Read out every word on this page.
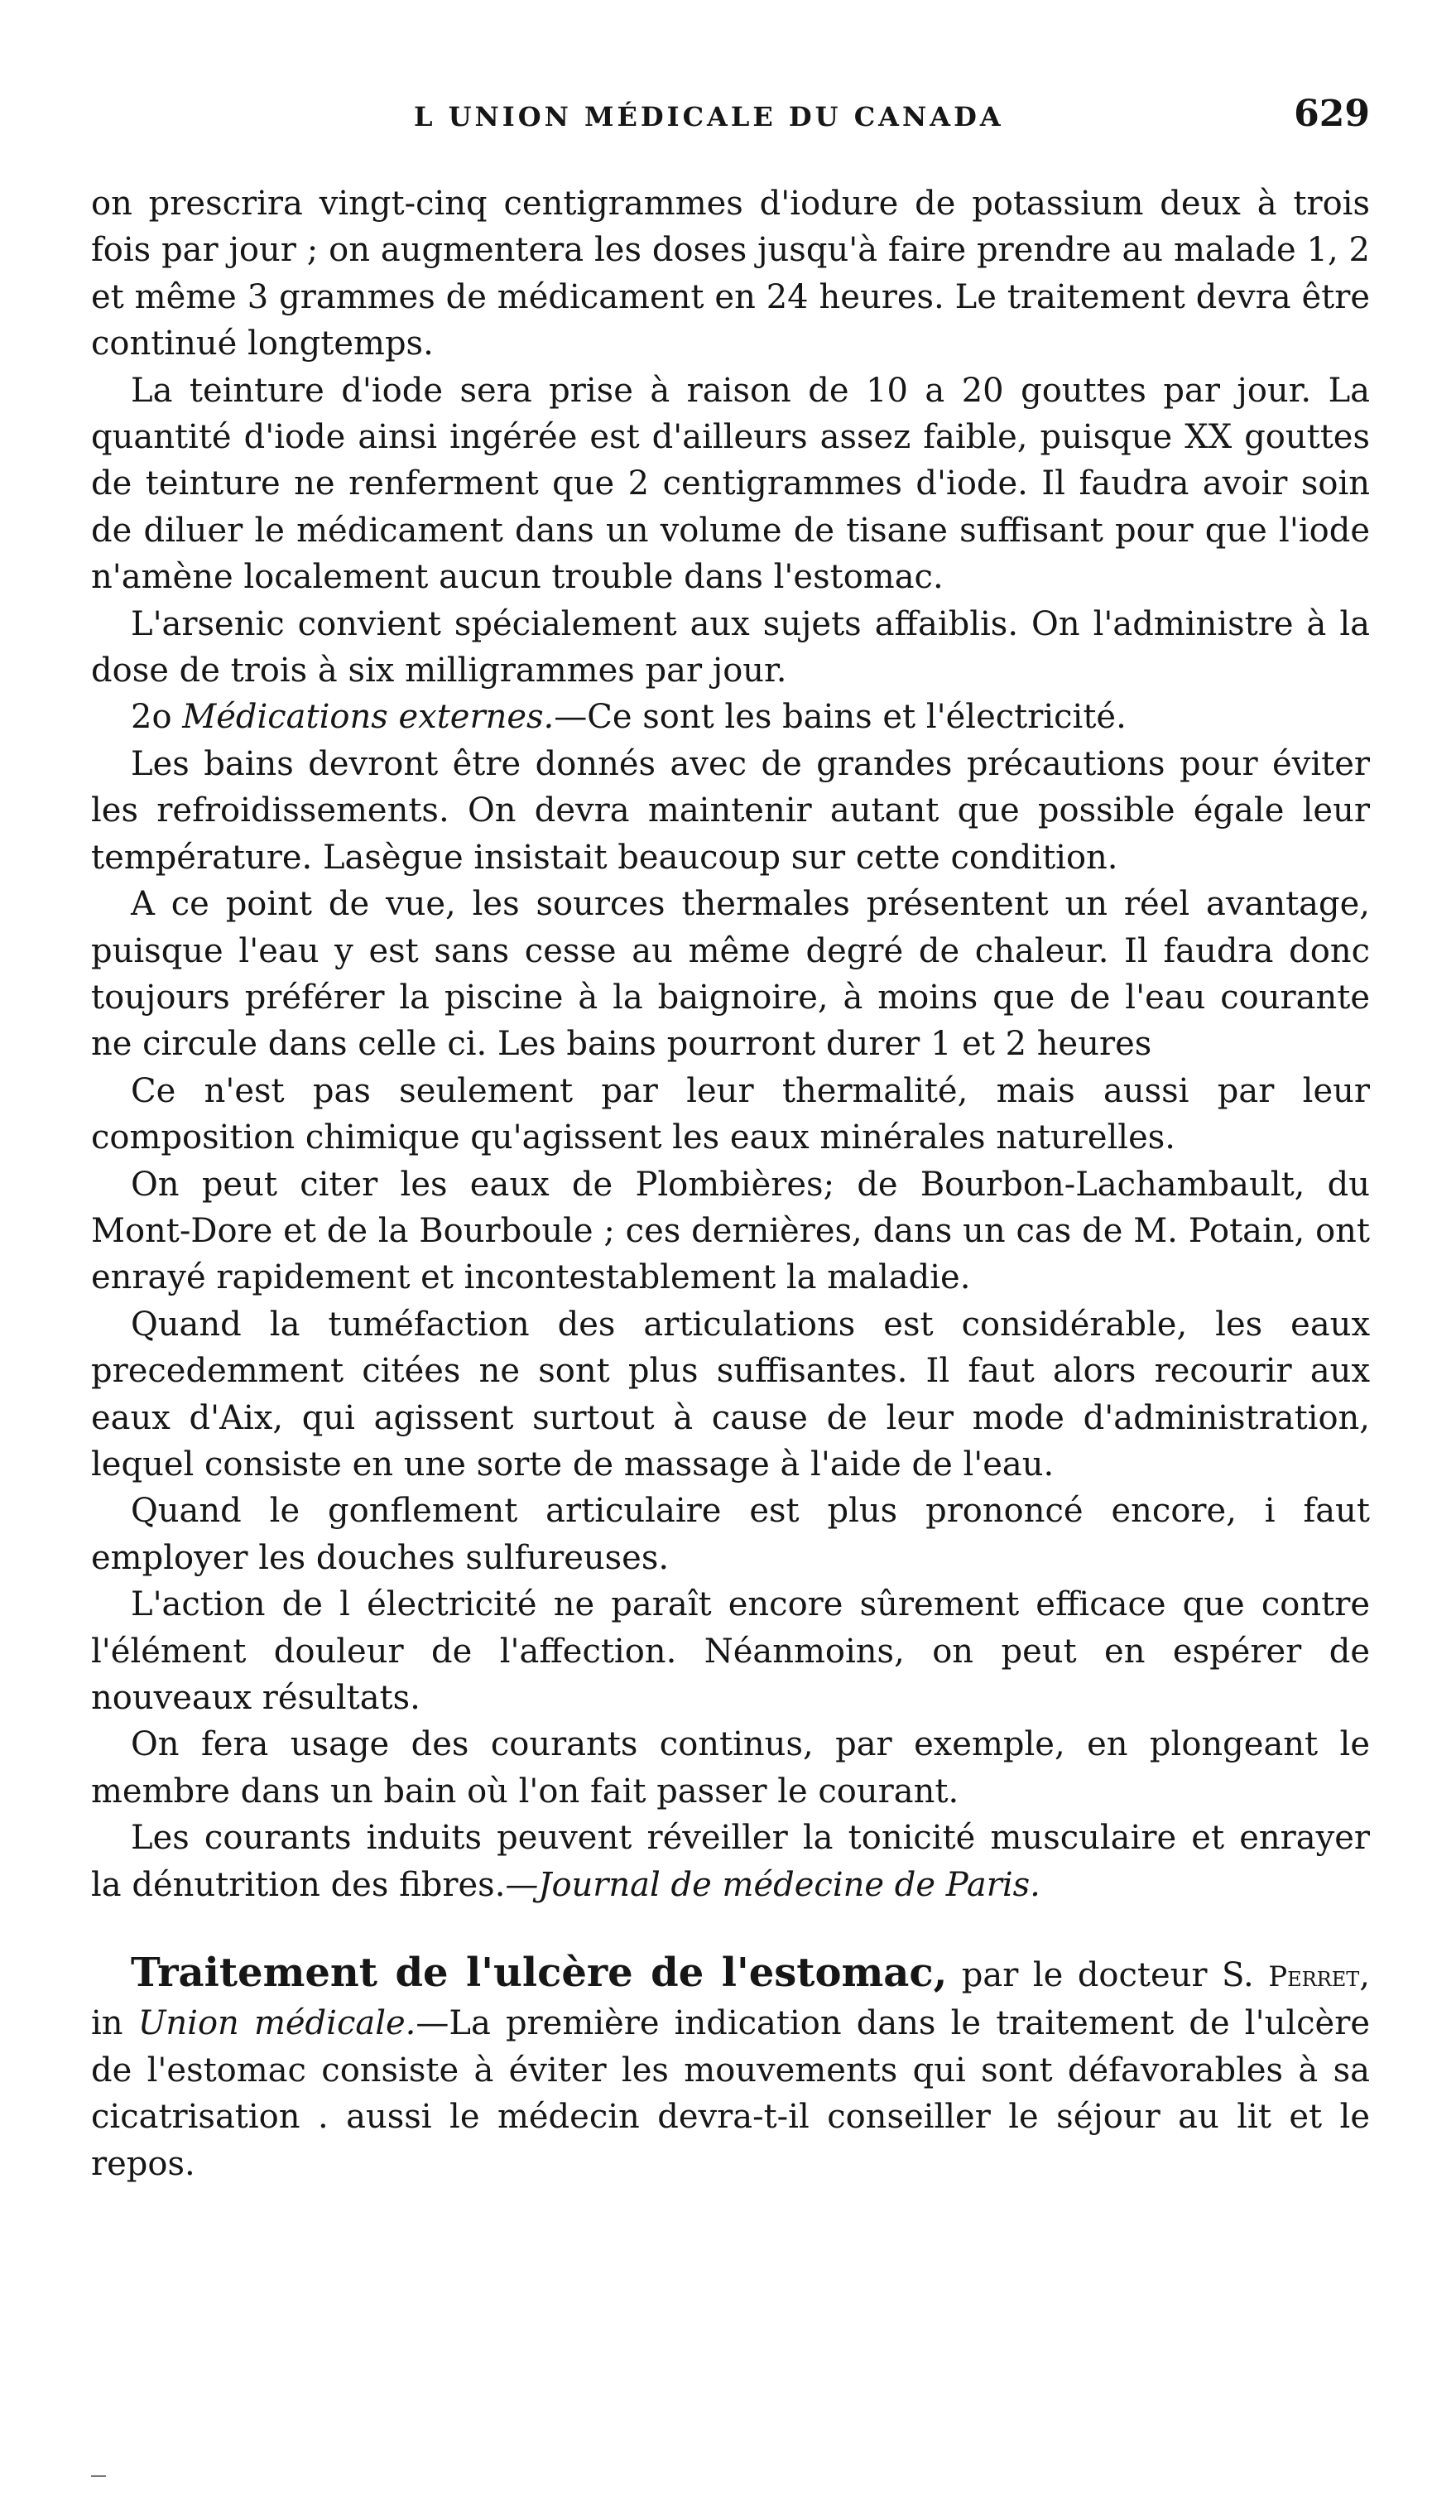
L UNION MÉDICALE DU CANADA	629

on prescrira vingt-cinq centigrammes d'iodure de potassium deux à trois fois par jour ; on augmentera les doses jusqu'à faire prendre au malade 1, 2 et même 3 grammes de médicament en 24 heures. Le traitement devra être continué longtemps.

La teinture d'iode sera prise à raison de 10 a 20 gouttes par jour. La quantité d'iode ainsi ingérée est d'ailleurs assez faible, puisque XX gouttes de teinture ne renferment que 2 centigrammes d'iode. Il faudra avoir soin de diluer le médicament dans un volume de tisane suffisant pour que l'iode n'amène localement aucun trouble dans l'estomac.

L'arsenic convient spécialement aux sujets affaiblis. On l'administre à la dose de trois à six milligrammes par jour.

2o Médications externes.—Ce sont les bains et l'électricité.

Les bains devront être donnés avec de grandes précautions pour éviter les refroidissements. On devra maintenir autant que possible égale leur température. Lasègue insistait beaucoup sur cette condition.

A ce point de vue, les sources thermales présentent un réel avantage, puisque l'eau y est sans cesse au même degré de chaleur. Il faudra donc toujours préférer la piscine à la baignoire, à moins que de l'eau courante ne circule dans celle ci. Les bains pourront durer 1 et 2 heures

Ce n'est pas seulement par leur thermalité, mais aussi par leur composition chimique qu'agissent les eaux minérales naturelles.

On peut citer les eaux de Plombières; de Bourbon-Lachambault, du Mont-Dore et de la Bourboule ; ces dernières, dans un cas de M. Potain, ont enrayé rapidement et incontestablement la maladie.

Quand la tuméfaction des articulations est considérable, les eaux precedemment citées ne sont plus suffisantes. Il faut alors recourir aux eaux d'Aix, qui agissent surtout à cause de leur mode d'administration, lequel consiste en une sorte de massage à l'aide de l'eau.

Quand le gonflement articulaire est plus prononcé encore, i faut employer les douches sulfureuses.

L'action de l électricité ne paraît encore sûrement efficace que contre l'élément douleur de l'affection. Néanmoins, on peut en espérer de nouveaux résultats.

On fera usage des courants continus, par exemple, en plongeant le membre dans un bain où l'on fait passer le courant.

Les courants induits peuvent réveiller la tonicité musculaire et enrayer la dénutrition des fibres.—Journal de médecine de Paris.

Traitement de l'ulcère de l'estomac, par le docteur S. Perret, in Union médicale.—La première indication dans le traitement de l'ulcère de l'estomac consiste à éviter les mouvements qui sont défavorables à sa cicatrisation . aussi le médecin devra-t-il conseiller le séjour au lit et le repos.
